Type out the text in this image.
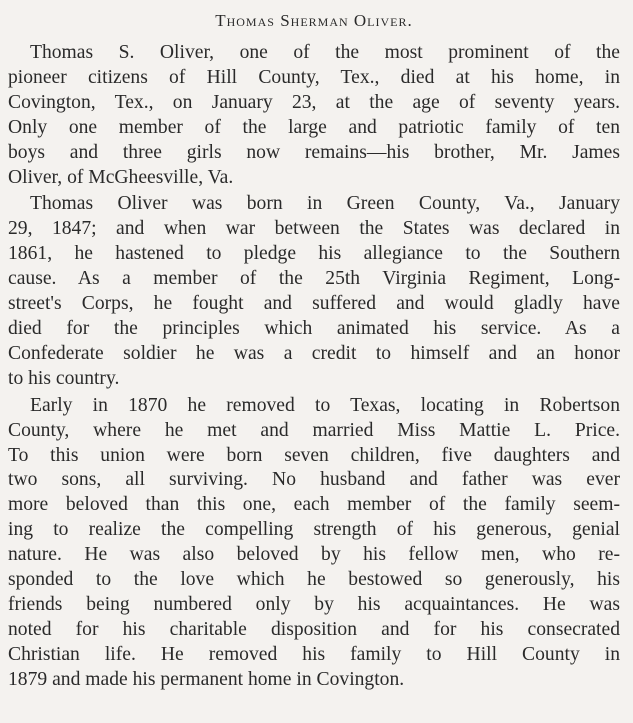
Thomas Sherman Oliver.

Thomas S. Oliver, one of the most prominent of the
pioneer citizens of Hill County, Tex., died at his home, in
Covington, Tex., on January 23, at the age of seventy years.
Only one member of the large and patriotic family of ten
boys and three girls now remains—his brother, Mr. James
Oliver, of McGheesville, Va.

Thomas Oliver was born in Green County, Va., January
29, 1847; and when war between the States was declared in
1861, he hastened to pledge his allegiance to the Southern
cause. As a member of the 25th Virginia Regiment, Long-
street's Corps, he fought and suffered and would gladly have
died for the principles which animated his service. As a
Confederate soldier he was a credit to himself and an honor
to his country.

Early in 1870 he removed to Texas, locating in Robertson
County, where he met and married Miss Mattie L. Price.
To this union were born seven children, five daughters and
two sons, all surviving. No husband and father was ever
more beloved than this one, each member of the family seem-
ing to realize the compelling strength of his generous, genial
nature. He was also beloved by his fellow men, who re-
sponded to the love which he bestowed so generously, his
friends being numbered only by his acquaintances. He was
noted for his charitable disposition and for his consecrated
Christian life. He removed his family to Hill County in
1879 and made his permanent home in Covington.
